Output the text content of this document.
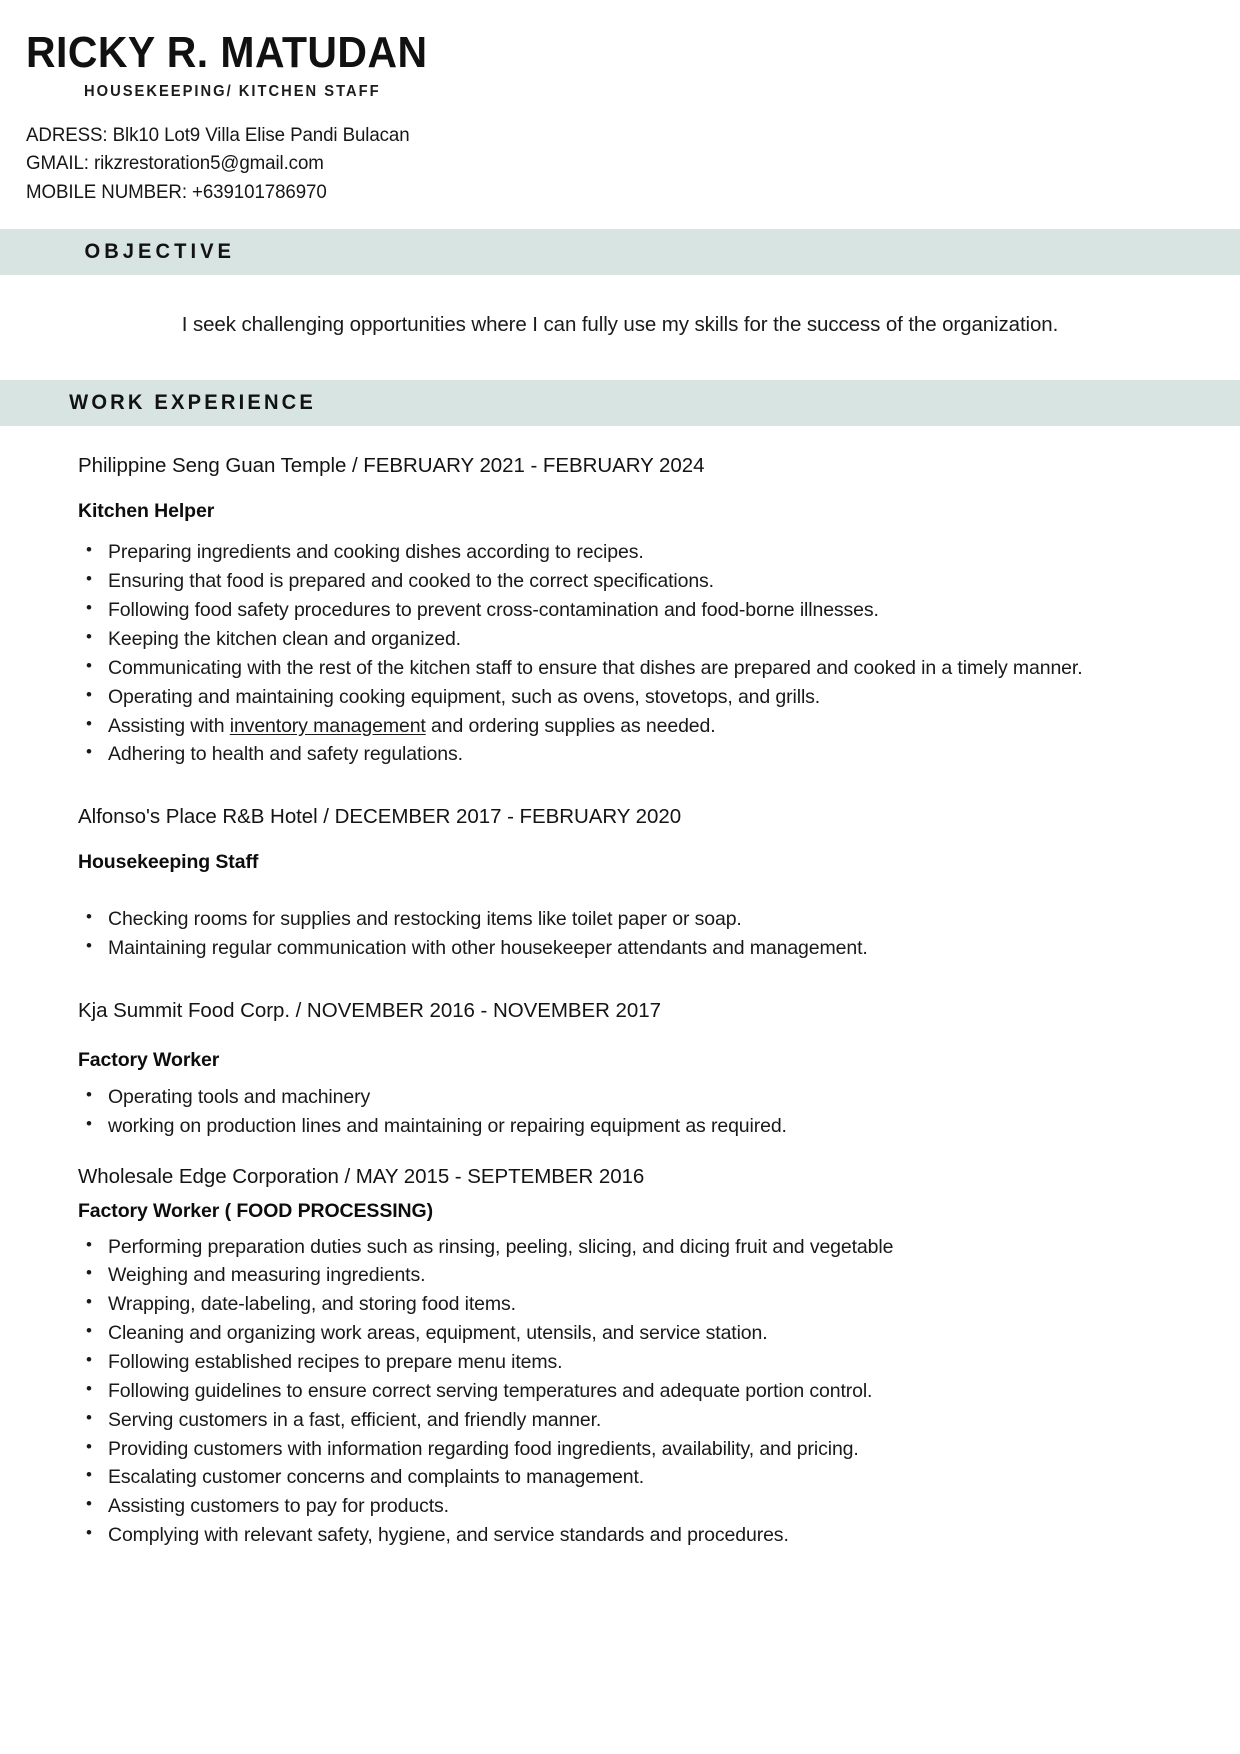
RICKY R. MATUDAN
HOUSEKEEPING/ KITCHEN STAFF
ADRESS: Blk10 Lot9 Villa Elise Pandi Bulacan
GMAIL: rikzrestoration5@gmail.com
MOBILE NUMBER: +639101786970
OBJECTIVE
I seek challenging opportunities where I can fully use my skills for the success of the organization.
WORK EXPERIENCE
Philippine Seng Guan Temple / FEBRUARY 2021 - FEBRUARY 2024
Kitchen Helper
• Preparing ingredients and cooking dishes according to recipes.
• Ensuring that food is prepared and cooked to the correct specifications.
• Following food safety procedures to prevent cross-contamination and food-borne illnesses.
• Keeping the kitchen clean and organized.
• Communicating with the rest of the kitchen staff to ensure that dishes are prepared and cooked in a timely manner.
• Operating and maintaining cooking equipment, such as ovens, stovetops, and grills.
• Assisting with inventory management and ordering supplies as needed.
• Adhering to health and safety regulations.
Alfonso's Place R&B Hotel / DECEMBER 2017 - FEBRUARY 2020
Housekeeping Staff
• Checking rooms for supplies and restocking items like toilet paper or soap.
• Maintaining regular communication with other housekeeper attendants and management.
Kja Summit Food Corp. / NOVEMBER 2016 - NOVEMBER 2017
Factory Worker
• Operating tools and machinery
• working on production lines and maintaining or repairing equipment as required.
Wholesale Edge Corporation / MAY 2015 - SEPTEMBER 2016
Factory Worker ( FOOD PROCESSING)
• Performing preparation duties such as rinsing, peeling, slicing, and dicing fruit and vegetable
• Weighing and measuring ingredients.
• Wrapping, date-labeling, and storing food items.
• Cleaning and organizing work areas, equipment, utensils, and service station.
• Following established recipes to prepare menu items.
• Following guidelines to ensure correct serving temperatures and adequate portion control.
• Serving customers in a fast, efficient, and friendly manner.
• Providing customers with information regarding food ingredients, availability, and pricing.
• Escalating customer concerns and complaints to management.
• Assisting customers to pay for products.
• Complying with relevant safety, hygiene, and service standards and procedures.
